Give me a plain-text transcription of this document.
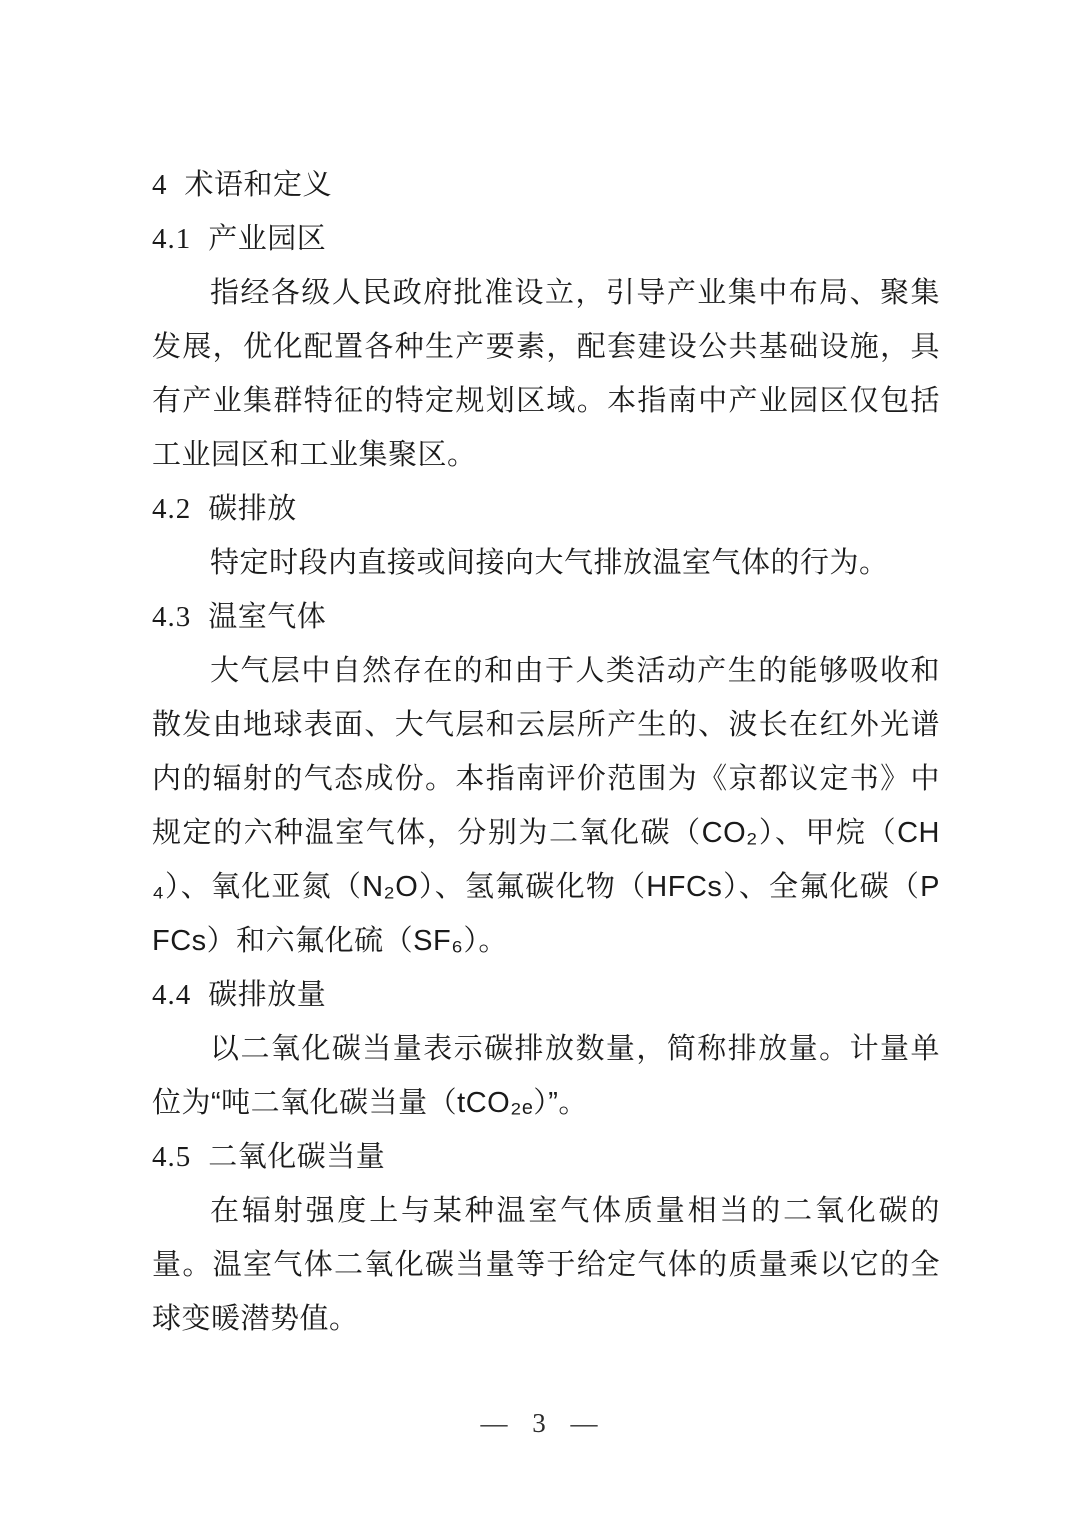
4 术语和定义
4.1 产业园区

指经各级人民政府批准设立，引导产业集中布局、聚集发展，优化配置各种生产要素，配套建设公共基础设施，具有产业集群特征的特定规划区域。本指南中产业园区仅包括工业园区和工业集聚区。

4.2 碳排放

特定时段内直接或间接向大气排放温室气体的行为。

4.3 温室气体

大气层中自然存在的和由于人类活动产生的能够吸收和散发由地球表面、大气层和云层所产生的、波长在红外光谱内的辐射的气态成份。本指南评价范围为《京都议定书》中规定的六种温室气体，分别为二氧化碳（CO₂）、甲烷（CH₄）、氧化亚氮（N₂O）、氢氟碳化物（HFCs）、全氟化碳（PFCs）和六氟化硫（SF₆）。

4.4 碳排放量

以二氧化碳当量表示碳排放数量，简称排放量。计量单位为“吨二氧化碳当量（tCO₂ₑ）”。

4.5 二氧化碳当量

在辐射强度上与某种温室气体质量相当的二氧化碳的量。温室气体二氧化碳当量等于给定气体的质量乘以它的全球变暖潜势值。

— 3 —
